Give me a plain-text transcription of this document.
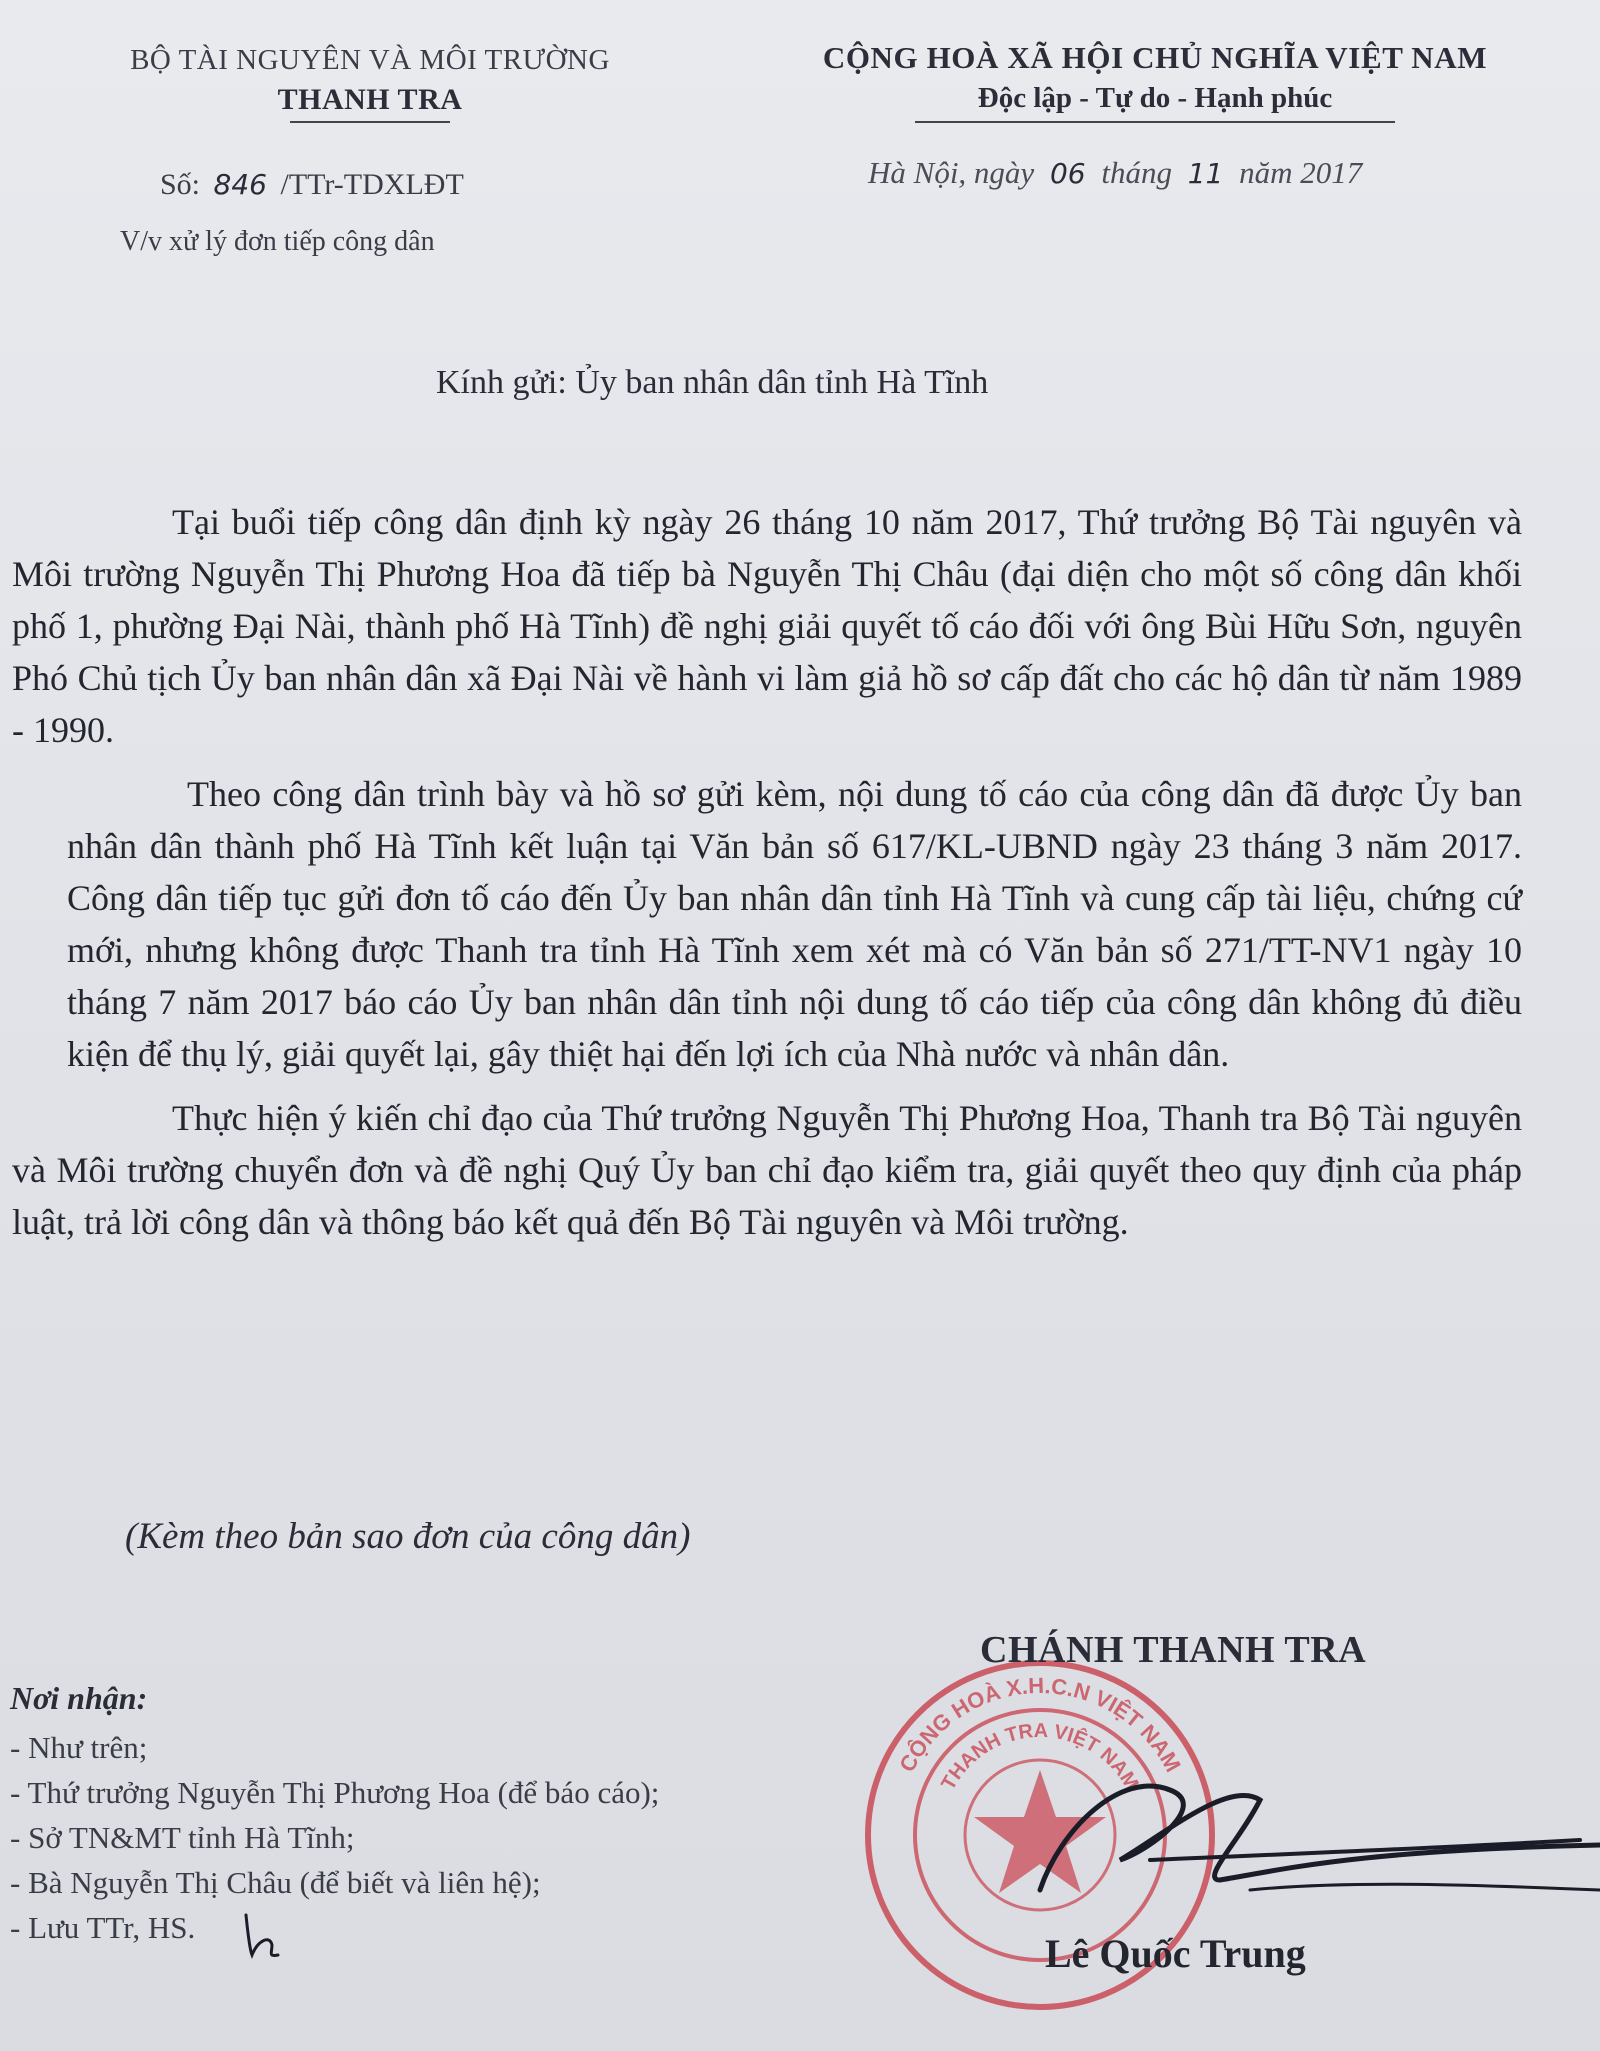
BỘ TÀI NGUYÊN VÀ MÔI TRƯỜNG
THANH TRA
CỘNG HOÀ XÃ HỘI CHỦ NGHĨA VIỆT NAM
Độc lập - Tự do - Hạnh phúc
Số: 846 /TTr-TDXLĐT
V/v xử lý đơn tiếp công dân
Hà Nội, ngày 06 tháng 11 năm 2017
Kính gửi: Ủy ban nhân dân tỉnh Hà Tĩnh

Tại buổi tiếp công dân định kỳ ngày 26 tháng 10 năm 2017, Thứ trưởng Bộ Tài nguyên và Môi trường Nguyễn Thị Phương Hoa đã tiếp bà Nguyễn Thị Châu (đại diện cho một số công dân khối phố 1, phường Đại Nài, thành phố Hà Tĩnh) đề nghị giải quyết tố cáo đối với ông Bùi Hữu Sơn, nguyên Phó Chủ tịch Ủy ban nhân dân xã Đại Nài về hành vi làm giả hồ sơ cấp đất cho các hộ dân từ năm 1989 - 1990.

Theo công dân trình bày và hồ sơ gửi kèm, nội dung tố cáo của công dân đã được Ủy ban nhân dân thành phố Hà Tĩnh kết luận tại Văn bản số 617/KL-UBND ngày 23 tháng 3 năm 2017. Công dân tiếp tục gửi đơn tố cáo đến Ủy ban nhân dân tỉnh Hà Tĩnh và cung cấp tài liệu, chứng cứ mới, nhưng không được Thanh tra tỉnh Hà Tĩnh xem xét mà có Văn bản số 271/TT-NV1 ngày 10 tháng 7 năm 2017 báo cáo Ủy ban nhân dân tỉnh nội dung tố cáo tiếp của công dân không đủ điều kiện để thụ lý, giải quyết lại, gây thiệt hại đến lợi ích của Nhà nước và nhân dân.

Thực hiện ý kiến chỉ đạo của Thứ trưởng Nguyễn Thị Phương Hoa, Thanh tra Bộ Tài nguyên và Môi trường chuyển đơn và đề nghị Quý Ủy ban chỉ đạo kiểm tra, giải quyết theo quy định của pháp luật, trả lời công dân và thông báo kết quả đến Bộ Tài nguyên và Môi trường.

(Kèm theo bản sao đơn của công dân)
CỘNG HOÀ X.H.C.N VIỆT NAM
THANH TRA VIỆT NAM
CHÁNH THANH TRA
Lê Quốc Trung
Nơi nhận:
- Như trên;
- Thứ trưởng Nguyễn Thị Phương Hoa (để báo cáo);
- Sở TN&MT tỉnh Hà Tĩnh;
- Bà Nguyễn Thị Châu (để biết và liên hệ);
- Lưu TTr, HS.
